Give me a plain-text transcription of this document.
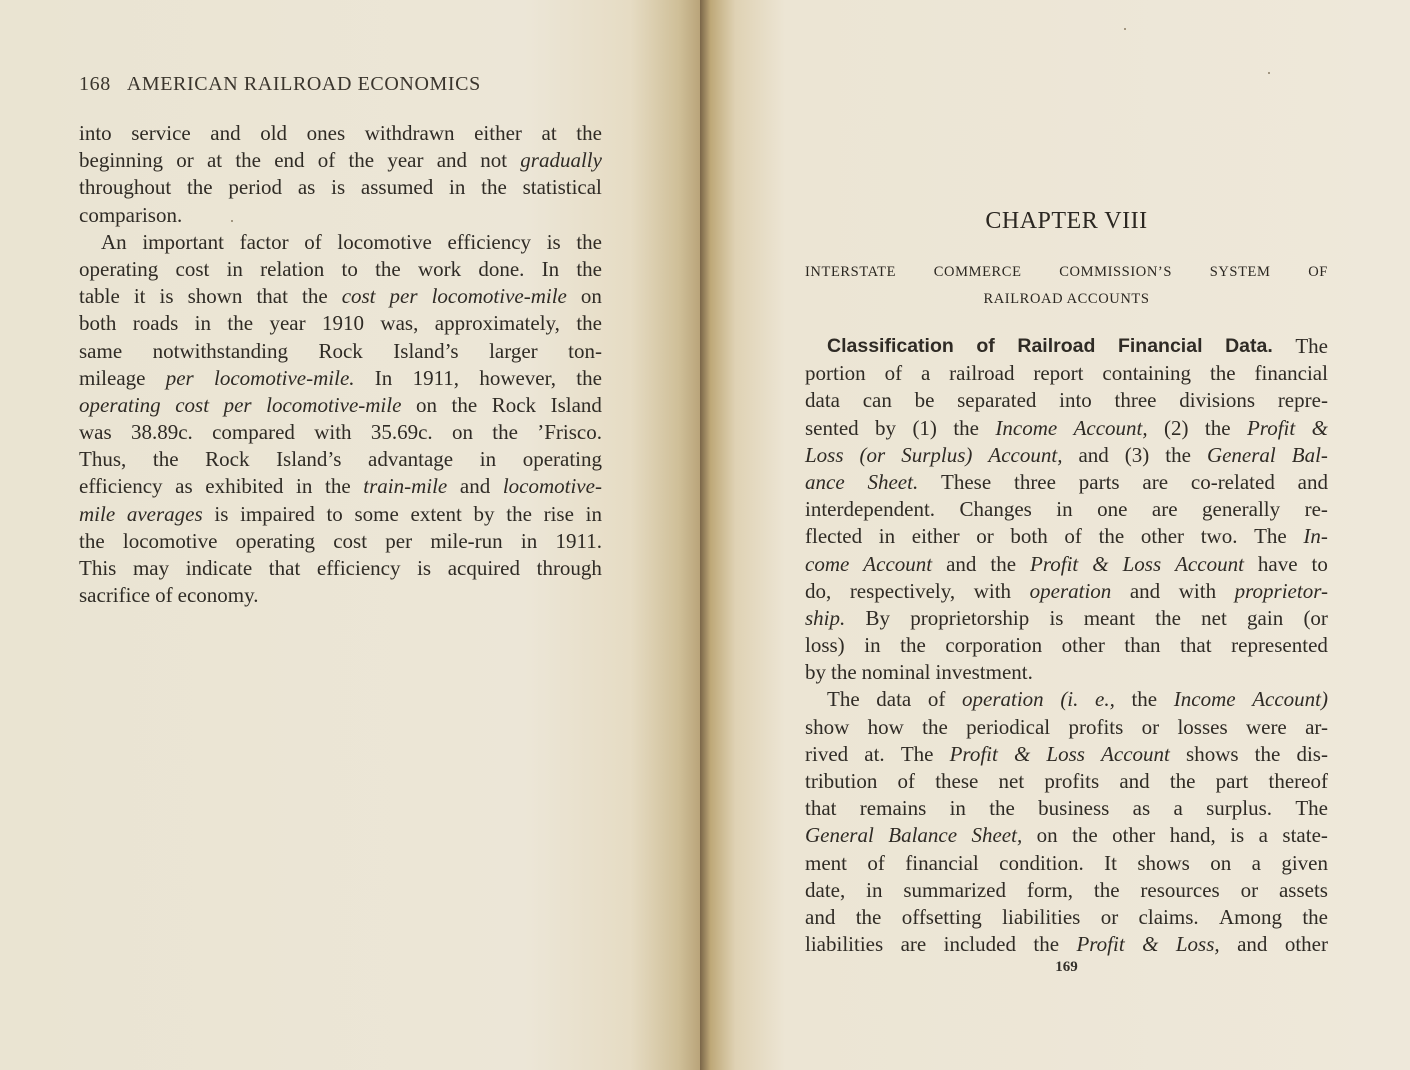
168 AMERICAN RAILROAD ECONOMICS
into service and old ones withdrawn either at the
beginning or at the end of the year and not gradually
throughout the period as is assumed in the statistical
comparison.
An important factor of locomotive efficiency is the
operating cost in relation to the work done. In the
table it is shown that the cost per locomotive-mile on
both roads in the year 1910 was, approximately, the
same notwithstanding Rock Island’s larger ton-
mileage per locomotive-mile. In 1911, however, the
operating cost per locomotive-mile on the Rock Island
was 38.89c. compared with 35.69c. on the ’Frisco.
Thus, the Rock Island’s advantage in operating
efficiency as exhibited in the train-mile and locomotive-
mile averages is impaired to some extent by the rise in
the locomotive operating cost per mile-run in 1911.
This may indicate that efficiency is acquired through
sacrifice of economy.
CHAPTER VIII
INTERSTATE	COMMERCE	COMMISSION’S	SYSTEM	OF
RAILROAD ACCOUNTS
Classification of Railroad Financial Data. The
portion of a railroad report containing the financial
data can be separated into three divisions repre-
sented by (1) the Income Account, (2) the Profit &
Loss (or Surplus) Account, and (3) the General Bal-
ance Sheet. These three parts are co-related and
interdependent. Changes in one are generally re-
flected in either or both of the other two. The In-
come Account and the Profit & Loss Account have to
do, respectively, with operation and with proprietor-
ship. By proprietorship is meant the net gain (or
loss) in the corporation other than that represented
by the nominal investment.
The data of operation (i. e., the Income Account)
show how the periodical profits or losses were ar-
rived at. The Profit & Loss Account shows the dis-
tribution of these net profits and the part thereof
that remains in the business as a surplus. The
General Balance Sheet, on the other hand, is a state-
ment of financial condition. It shows on a given
date, in summarized form, the resources or assets
and the offsetting liabilities or claims. Among the
liabilities are included the Profit & Loss, and other
169
